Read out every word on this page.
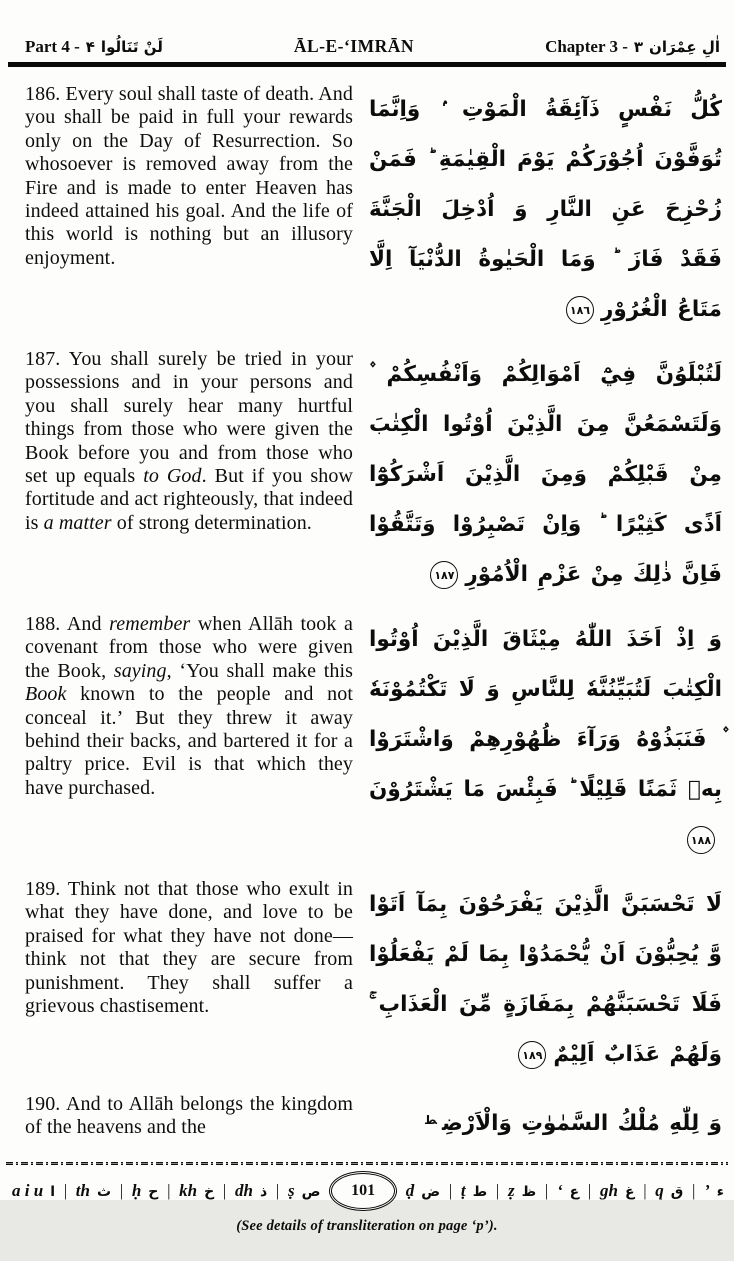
Part 4 - ۴ لَنْ تَنَالُوا	ĀL-E-‘IMRĀN	Chapter 3 - ۳ اٰلِ عِمْرَان

186. Every soul shall taste of death. And you shall be paid in full your rewards only on the Day of Resurrection. So whosoever is removed away from the Fire and is made to enter Heaven has indeed attained his goal. And the life of this world is nothing but an illusory enjoyment.

كُلُّ نَفْسٍ ذَآئِقَةُ الْمَوْتِ ۢ وَاِنَّمَا تُوَفَّوْنَ اُجُوْرَكُمْ يَوْمَ الْقِيٰمَةِ ؕ فَمَنْ زُحْزِحَ عَنِ النَّارِ وَ اُدْخِلَ الْجَنَّةَ فَقَدْ فَازَ ؕ وَمَا الْحَيٰوةُ الدُّنْيَآ اِلَّا مَتَاعُ الْغُرُوْرِ١٨٦

187. You shall surely be tried in your possessions and in your persons and you shall surely hear many hurtful things from those who were given the Book before you and from those who set up equals to God. But if you show fortitude and act righteously, that indeed is a matter of strong determination.

لَتُبْلَوُنَّ فِيْٓ اَمْوَالِكُمْ وَاَنْفُسِكُمْ ۫ وَلَتَسْمَعُنَّ مِنَ الَّذِيْنَ اُوْتُوا الْكِتٰبَ مِنْ قَبْلِكُمْ وَمِنَ الَّذِيْنَ اَشْرَكُوْٓا اَذًى كَثِيْرًا ؕ وَاِنْ تَصْبِرُوْا وَتَتَّقُوْا فَاِنَّ ذٰلِكَ مِنْ عَزْمِ الْاُمُوْرِ١٨٧

188. And remember when Allāh took a covenant from those who were given the Book, saying, ‘You shall make this Book known to the people and not conceal it.’ But they threw it away behind their backs, and bartered it for a paltry price. Evil is that which they have purchased.

وَ اِذْ اَخَذَ اللّٰهُ مِيْثَاقَ الَّذِيْنَ اُوْتُوا الْكِتٰبَ لَتُبَيِّنُنَّهٗ لِلنَّاسِ وَ لَا تَكْتُمُوْنَهٗ ۫ فَنَبَذُوْهُ وَرَآءَ ظُهُوْرِهِمْ وَاشْتَرَوْا بِهٖ ثَمَنًا قَلِيْلًا ؕ فَبِئْسَ مَا يَشْتَرُوْنَ١٨٨

189. Think not that those who exult in what they have done, and love to be praised for what they have not done—think not that they are secure from punishment. They shall suffer a grievous chastisement.

لَا تَحْسَبَنَّ الَّذِيْنَ يَفْرَحُوْنَ بِمَآ اَتَوْا وَّ يُحِبُّوْنَ اَنْ يُّحْمَدُوْا بِمَا لَمْ يَفْعَلُوْا فَلَا تَحْسَبَنَّهُمْ بِمَفَازَةٍ مِّنَ الْعَذَابِ ۚ وَلَهُمْ عَذَابٌ اَلِيْمٌ١٨٩

190. And to Allāh belongs the kingdom of the heavens and the	وَ لِلّٰهِ مُلْكُ السَّمٰوٰتِ وَالْاَرْضِ$^ط$
a i u ا | th ث | ḥ ح | kh خ | dh ذ | ṣ ص	101	ḍ ض | ṭ ط | ẓ ظ | ‘ ع | gh غ | q ق | ’ ء
(See details of transliteration on page ‘p’).
